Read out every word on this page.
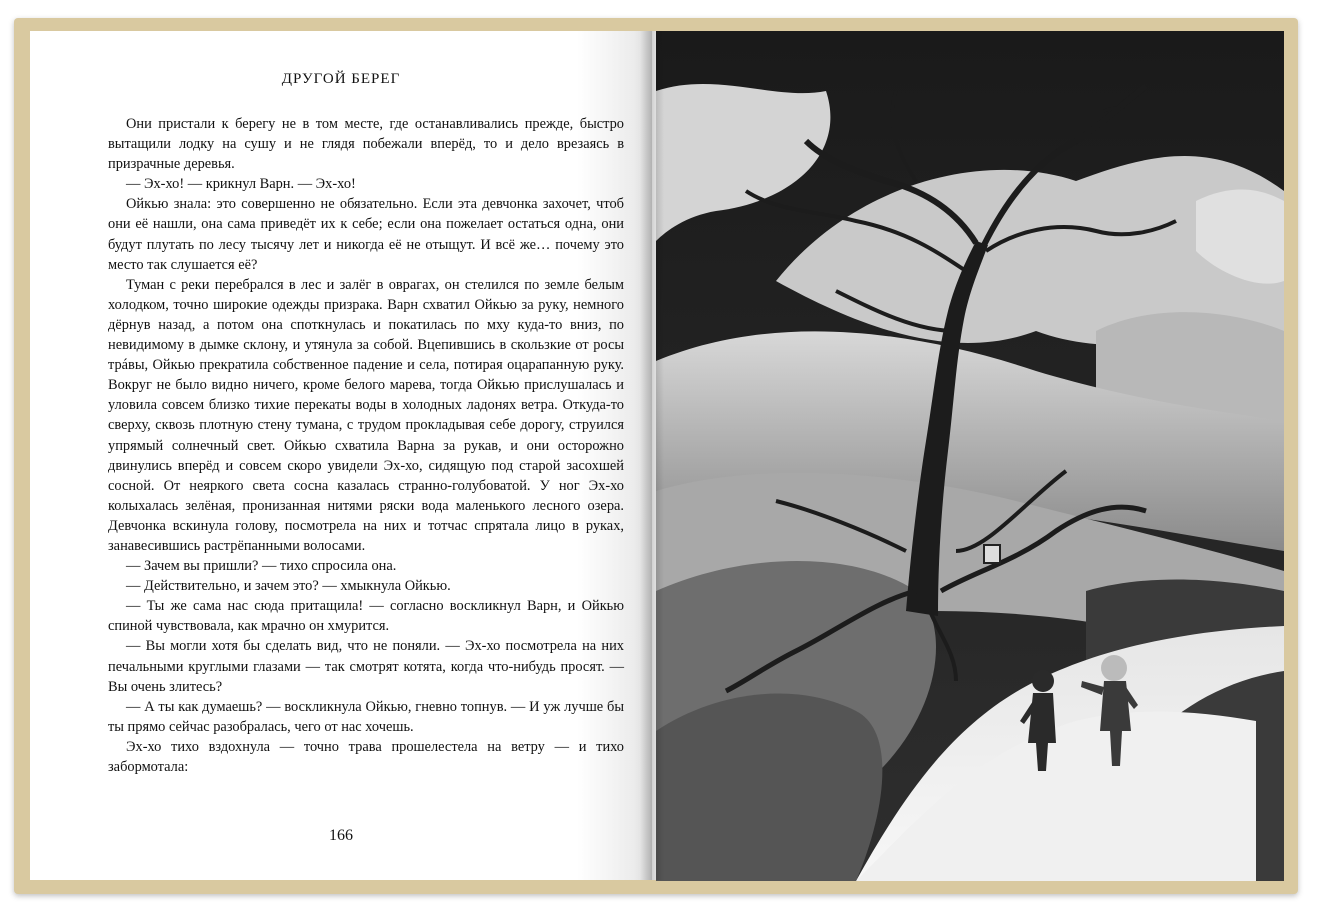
ДРУГОЙ БЕРЕГ

Они пристали к берегу не в том месте, где останавливались прежде, быстро вытащили лодку на сушу и не глядя побежали вперёд, то и дело врезаясь в призрачные деревья.

— Эх-хо! — крикнул Варн. — Эх-хо!

Ойкью знала: это совершенно не обязательно. Если эта девчонка захочет, чтоб они её нашли, она сама приведёт их к себе; если она пожелает остаться одна, они будут плутать по лесу тысячу лет и никогда её не отыщут. И всё же… почему это место так слушается её?

Туман с реки перебрался в лес и залёг в оврагах, он стелился по земле белым холодком, точно широкие одежды призрака. Варн схватил Ойкью за руку, немного дёрнув назад, а потом она споткнулась и покатилась по мху куда-то вниз, по невидимому в дымке склону, и утянула за собой. Вцепившись в скользкие от росы трáвы, Ойкью прекратила собственное падение и села, потирая оцарапанную руку. Вокруг не было видно ничего, кроме белого марева, тогда Ойкью прислушалась и уловила совсем близко тихие перекаты воды в холодных ладонях ветра. Откуда-то сверху, сквозь плотную стену тумана, с трудом прокладывая себе дорогу, струился упрямый солнечный свет. Ойкью схватила Варна за рукав, и они осторожно двинулись вперёд и совсем скоро увидели Эх-хо, сидящую под старой засохшей сосной. От неяркого света сосна казалась странно-голубоватой. У ног Эх-хо колыхалась зелёная, пронизанная нитями ряски вода маленького лесного озера. Девчонка вскинула голову, посмотрела на них и тотчас спрятала лицо в руках, занавесившись растрёпанными волосами.

— Зачем вы пришли? — тихо спросила она.

— Действительно, и зачем это? — хмыкнула Ойкью.

— Ты же сама нас сюда притащила! — согласно воскликнул Варн, и Ойкью спиной чувствовала, как мрачно он хмурится.

— Вы могли хотя бы сделать вид, что не поняли. — Эх-хо посмотрела на них печальными круглыми глазами — так смотрят котята, когда что-нибудь просят. — Вы очень злитесь?

— А ты как думаешь? — воскликнула Ойкью, гневно топнув. — И уж лучше бы ты прямо сейчас разобралась, чего от нас хочешь.

Эх-хо тихо вздохнула — точно трава прошелестела на ветру — и тихо забормотала:

166
